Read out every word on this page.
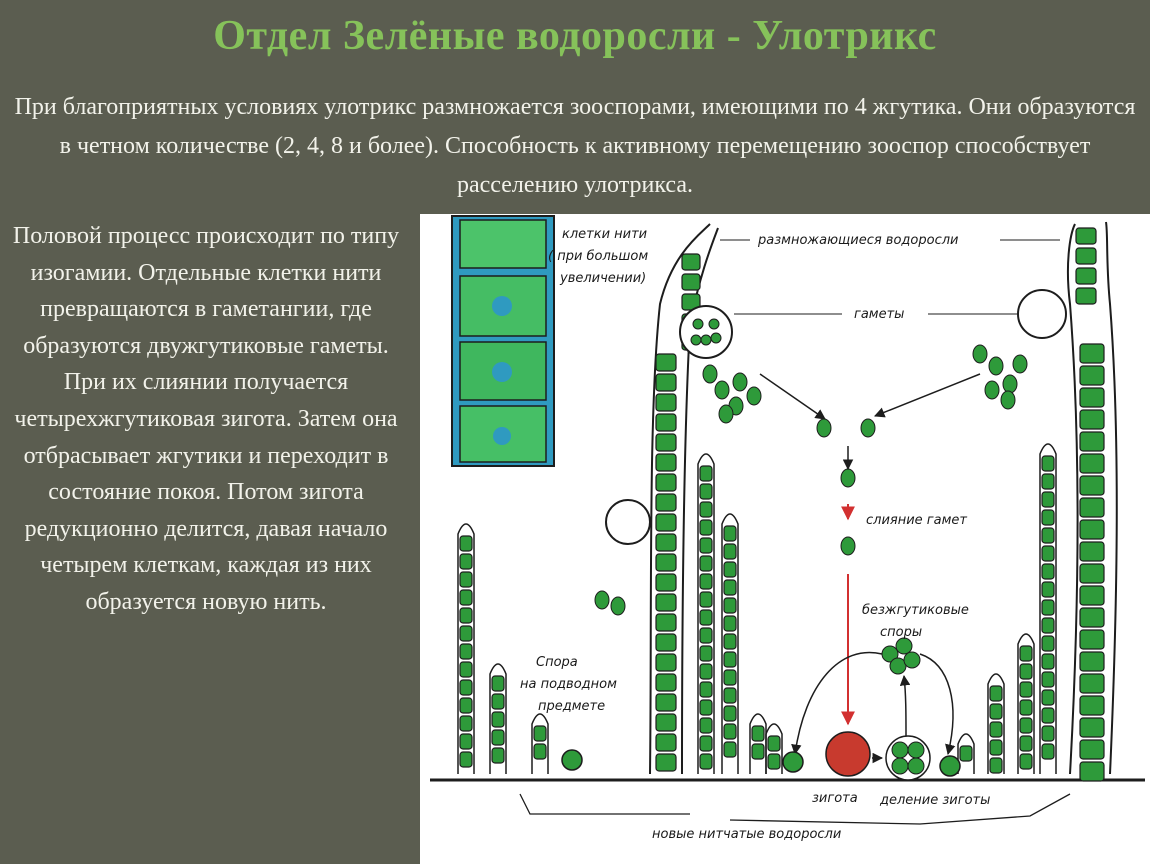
Отдел Зелёные водоросли - Улотрикс
При благоприятных условиях улотрикс размножается зооспорами, имеющими по 4 жгутика. Они образуются в четном количестве (2, 4, 8 и более). Способность к активному перемещению зооспор способствует расселению улотрикса.
Половой процесс происходит по типу изогамии. Отдельные клетки нити превращаются в гаметангии, где образуются двужгутиковые гаметы. При их слиянии получается четырехжгутиковая зигота. Затем она отбрасывает жгутики и переходит в состояние покоя. Потом зигота редукционно делится, давая начало четырем клеткам, каждая из них образуется новую нить.
клетки нити
( при большом
увеличении)
размножающиеся водоросли
гаметы
слияние гамет
безжгутиковые
споры
Спора
на подводном
предмете
зигота деление зиготы
новые нитчатые водоросли
